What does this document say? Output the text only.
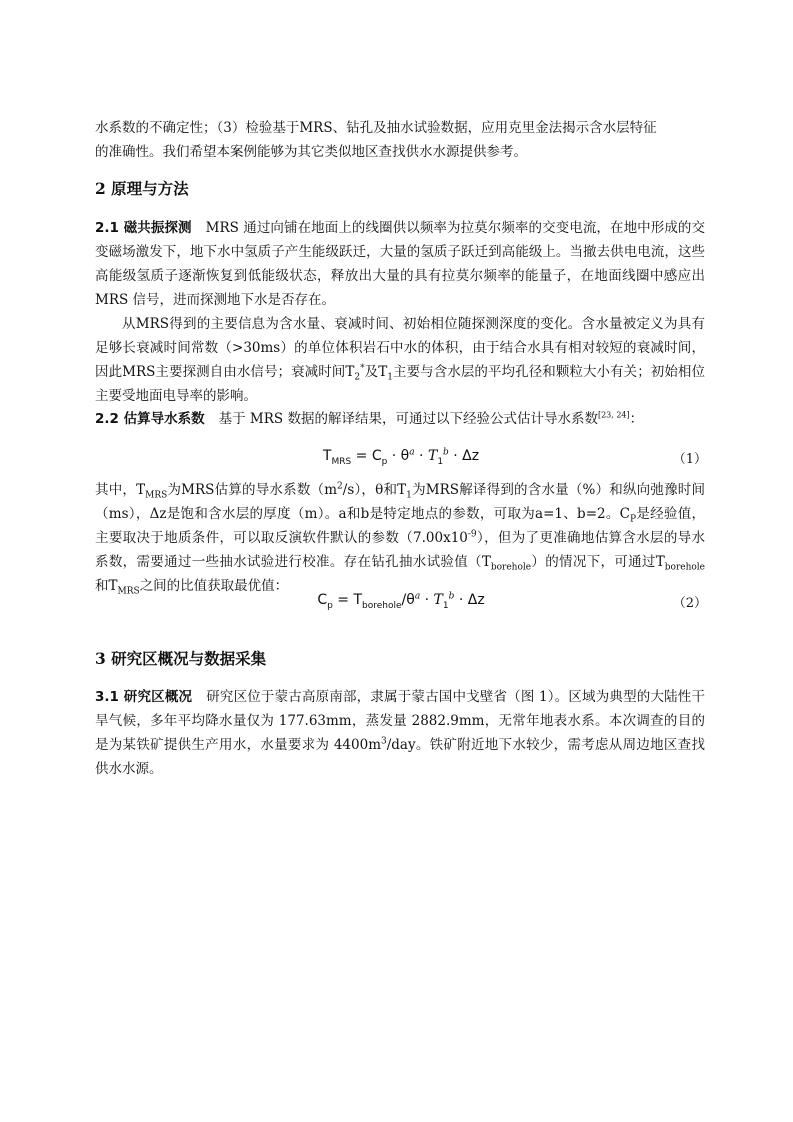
水系数的不确定性；（3）检验基于MRS、钻孔及抽水试验数据，应用克里金法揭示含水层特征
的准确性。我们希望本案例能够为其它类似地区查找供水水源提供参考。

2 原理与方法

2.1 磁共振探测 MRS 通过向铺在地面上的线圈供以频率为拉莫尔频率的交变电流，在地中形成的交变磁场激发下，地下水中氢质子产生能级跃迁，大量的氢质子跃迁到高能级上。当撤去供电电流，这些高能级氢质子逐渐恢复到低能级状态，释放出大量的具有拉莫尔频率的能量子，在地面线圈中感应出 MRS 信号，进而探测地下水是否存在。

从MRS得到的主要信息为含水量、衰减时间、初始相位随探测深度的变化。含水量被定义为具有足够长衰减时间常数（>30ms）的单位体积岩石中水的体积，由于结合水具有相对较短的衰减时间，因此MRS主要探测自由水信号；衰减时间$T_2^*$及$T_1$主要与含水层的平均孔径和颗粒大小有关；初始相位主要受地面电导率的影响。

2.2 估算导水系数 基于 MRS 数据的解译结果，可通过以下经验公式估计导水系数[23, 24]：

$T_{MRS} = C_p \cdot \theta^a \cdot T_1^b \cdot \Delta z$	（1）

其中，$T_{MRS}$为MRS估算的导水系数$(m^2/s)$，θ和$T_1$为MRS解译得到的含水量（%）和纵向弛豫时间（ms），Δz是饱和含水层的厚度（m）。a和b是特定地点的参数，可取为a=1、b=2。$C_P$是经验值，主要取决于地质条件，可以取反演软件默认的参数$(7.00x10^{-9})$，但为了更准确地估算含水层的导水系数，需要通过一些抽水试验进行校准。存在钻孔抽水试验值$(T_{borehole})$的情况下，可通过$T_{borehole}$和$T_{MRS}$之间的比值获取最优值：

$C_p = T_{borehole}/\theta^a \cdot T_1^b \cdot \Delta z$	（2）
3 研究区概况与数据采集

3.1 研究区概况 研究区位于蒙古高原南部，隶属于蒙古国中戈壁省（图 1）。区域为典型的大陆性干旱气候，多年平均降水量仅为 177.63mm，蒸发量 2882.9mm，无常年地表水系。本次调查的目的是为某铁矿提供生产用水，水量要求为 $4400m^3$/day。铁矿附近地下水较少，需考虑从周边地区查找供水水源。
